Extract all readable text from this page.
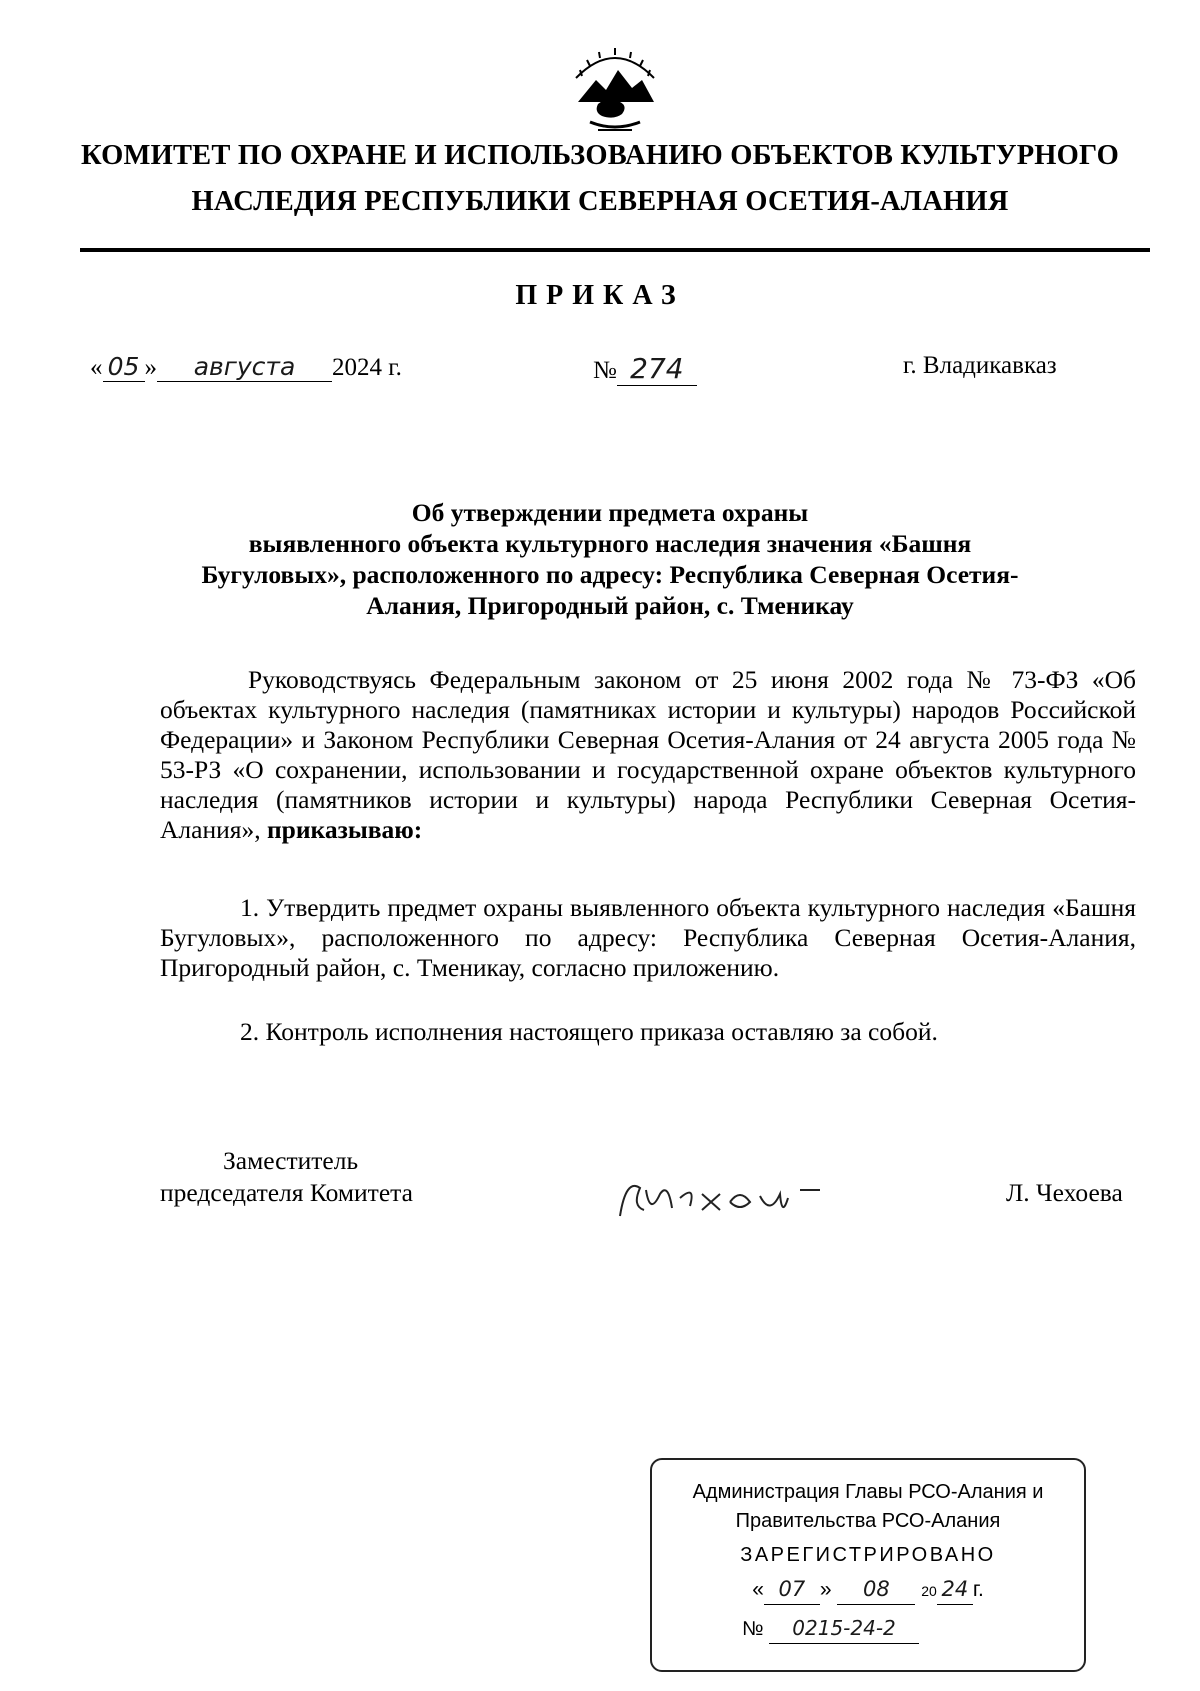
КОМИТЕТ ПО ОХРАНЕ И ИСПОЛЬЗОВАНИЮ ОБЪЕКТОВ КУЛЬТУРНОГО
НАСЛЕДИЯ РЕСПУБЛИКИ СЕВЕРНАЯ ОСЕТИЯ-АЛАНИЯ
ПРИКАЗ
« 05 » августа 2024 г.	№ 274	г. Владикавказ
Об утверждении предмета охраны
выявленного объекта культурного наследия значения «Башня
Бугуловых», расположенного по адресу: Республика Северная Осетия-
Алания, Пригородный район, с. Тменикау
Руководствуясь Федеральным законом от 25 июня 2002 года № 73-ФЗ «Об объектах культурного наследия (памятниках истории и культуры) народов Российской Федерации» и Законом Республики Северная Осетия-Алания от 24 августа 2005 года № 53-РЗ «О сохранении, использовании и государственной охране объектов культурного наследия (памятников истории и культуры) народа Республики Северная Осетия-Алания», приказываю:
1. Утвердить предмет охраны выявленного объекта культурного наследия «Башня Бугуловых», расположенного по адресу: Республика Северная Осетия-Алания, Пригородный район, с. Тменикау, согласно приложению.
2. Контроль исполнения настоящего приказа оставляю за собой.
Заместитель
председателя Комитета	Л. Чехоева
Администрация Главы РСО-Алания и
Правительства РСО-Алания
ЗАРЕГИСТРИРОВАНО
« 07 » 08 20 24 г.
№ 0215-24-2
